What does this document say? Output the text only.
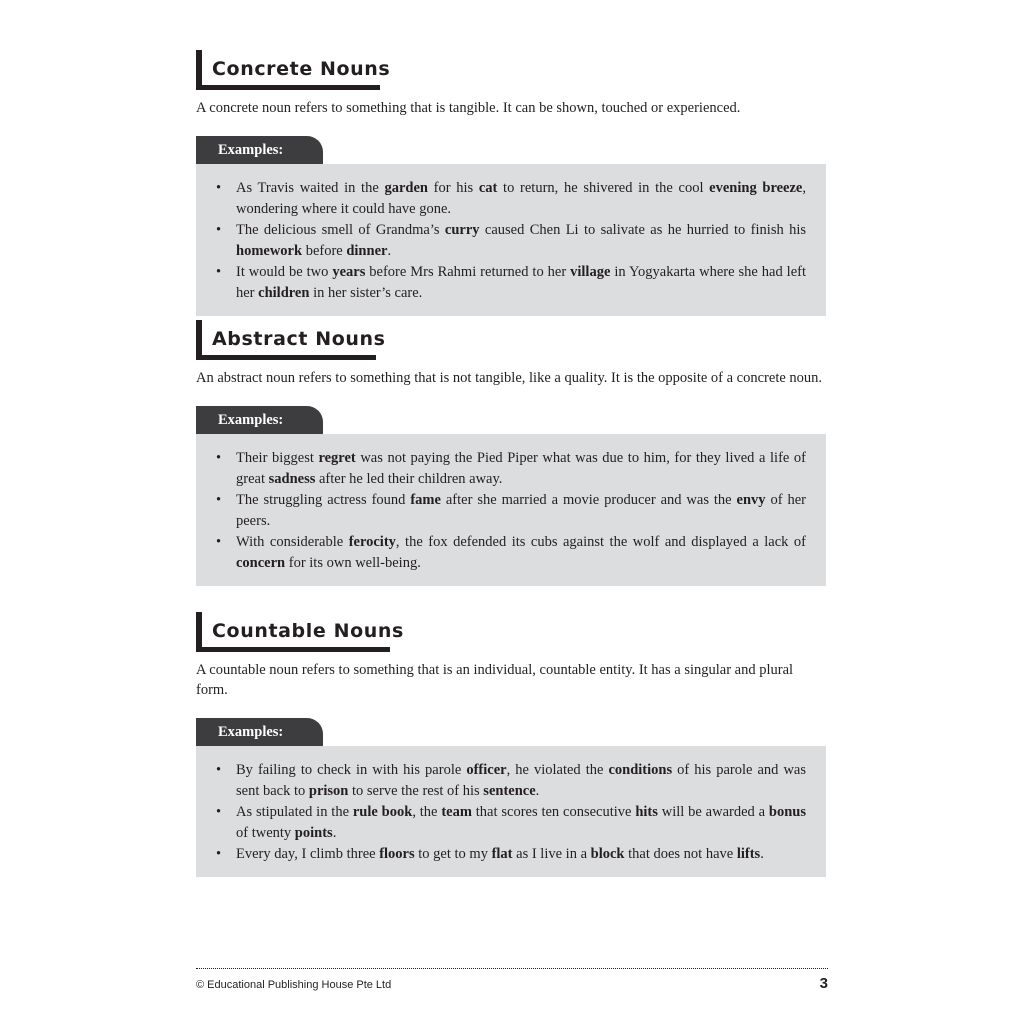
Concrete Nouns

A concrete noun refers to something that is tangible. It can be shown, touched or experienced.

Examples:
• As Travis waited in the garden for his cat to return, he shivered in the cool evening breeze, wondering where it could have gone.
• The delicious smell of Grandma’s curry caused Chen Li to salivate as he hurried to finish his homework before dinner.
• It would be two years before Mrs Rahmi returned to her village in Yogyakarta where she had left her children in her sister’s care.
Abstract Nouns

An abstract noun refers to something that is not tangible, like a quality. It is the opposite of a concrete noun.

Examples:
• Their biggest regret was not paying the Pied Piper what was due to him, for they lived a life of great sadness after he led their children away.
• The struggling actress found fame after she married a movie producer and was the envy of her peers.
• With considerable ferocity, the fox defended its cubs against the wolf and displayed a lack of concern for its own well-being.
Countable Nouns

A countable noun refers to something that is an individual, countable entity. It has a singular and plural form.

Examples:
• By failing to check in with his parole officer, he violated the conditions of his parole and was sent back to prison to serve the rest of his sentence.
• As stipulated in the rule book, the team that scores ten consecutive hits will be awarded a bonus of twenty points.
• Every day, I climb three floors to get to my flat as I live in a block that does not have lifts.
© Educational Publishing House Pte Ltd	3
